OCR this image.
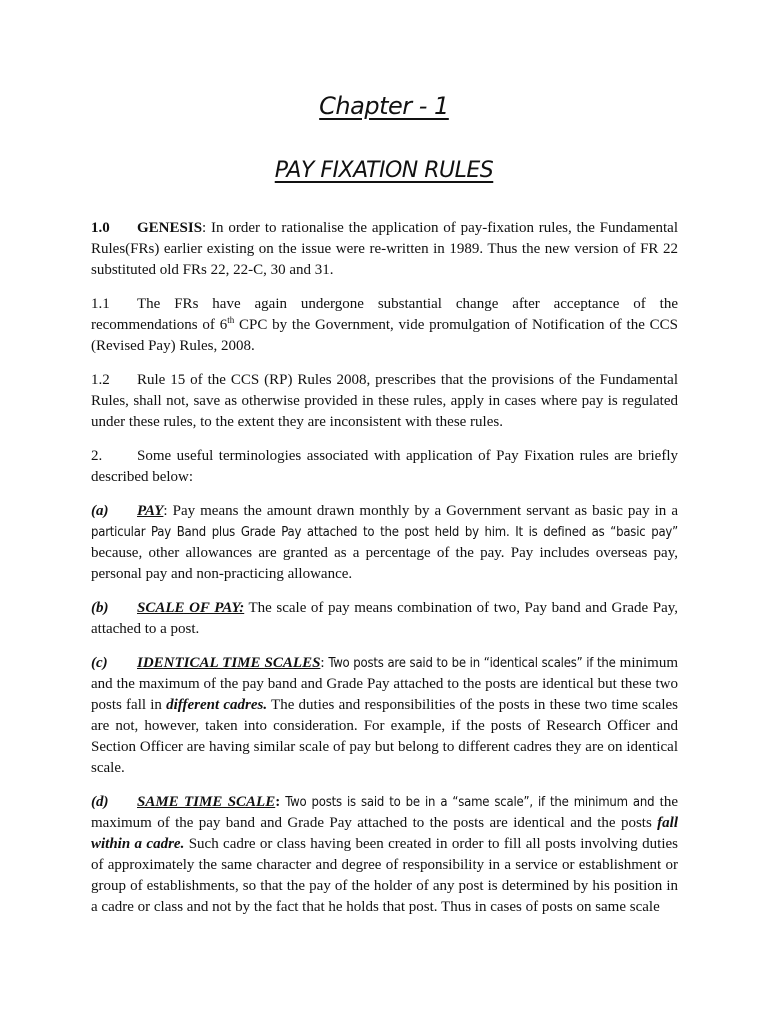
Chapter - 1
PAY FIXATION RULES

1.0 GENESIS: In order to rationalise the application of pay-fixation rules, the Fundamental Rules(FRs) earlier existing on the issue were re-written in 1989. Thus the new version of FR 22 substituted old FRs 22, 22-C, 30 and 31.

1.1 The FRs have again undergone substantial change after acceptance of the recommendations of 6th CPC by the Government, vide promulgation of Notification of the CCS (Revised Pay) Rules, 2008.

1.2 Rule 15 of the CCS (RP) Rules 2008, prescribes that the provisions of the Fundamental Rules, shall not, save as otherwise provided in these rules, apply in cases where pay is regulated under these rules, to the extent they are inconsistent with these rules.

2. Some useful terminologies associated with application of Pay Fixation rules are briefly described below:

(a) PAY: Pay means the amount drawn monthly by a Government servant as basic pay in a particular Pay Band plus Grade Pay attached to the post held by him. It is defined as “basic pay” because, other allowances are granted as a percentage of the pay. Pay includes overseas pay, personal pay and non-practicing allowance.

(b) SCALE OF PAY: The scale of pay means combination of two, Pay band and Grade Pay, attached to a post.

(c) IDENTICAL TIME SCALES: Two posts are said to be in “identical scales” if the minimum and the maximum of the pay band and Grade Pay attached to the posts are identical but these two posts fall in different cadres. The duties and responsibilities of the posts in these two time scales are not, however, taken into consideration. For example, if the posts of Research Officer and Section Officer are having similar scale of pay but belong to different cadres they are on identical scale.

(d) SAME TIME SCALE: Two posts is said to be in a “same scale”, if the minimum and the maximum of the pay band and Grade Pay attached to the posts are identical and the posts fall within a cadre. Such cadre or class having been created in order to fill all posts involving duties of approximately the same character and degree of responsibility in a service or establishment or group of establishments, so that the pay of the holder of any post is determined by his position in a cadre or class and not by the fact that he holds that post. Thus in cases of posts on same scale
